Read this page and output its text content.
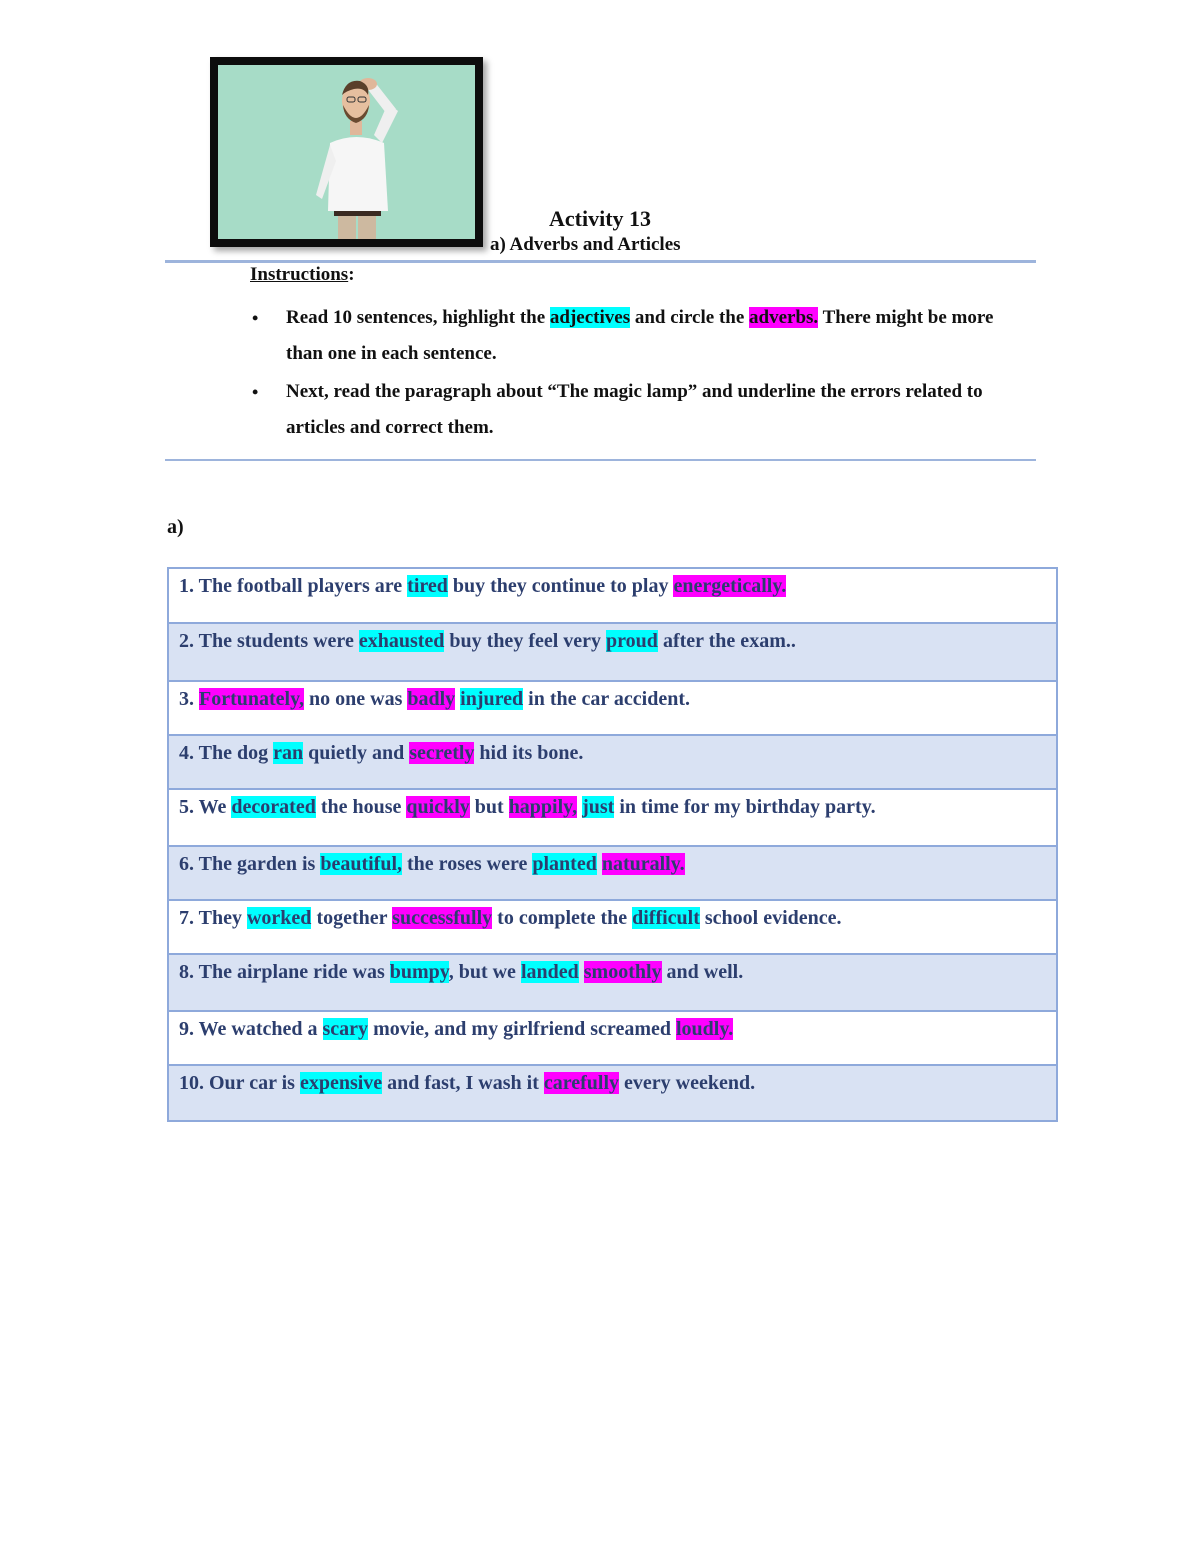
Activity 13
a) Adverbs and Articles
Instructions:
• Read 10 sentences, highlight the adjectives and circle the adverbs. There might be more than one in each sentence.
• Next, read the paragraph about “The magic lamp” and underline the errors related to articles and correct them.
a)
1. The football players are tired buy they continue to play energetically.
2. The students were exhausted buy they feel very proud after the exam..
3. Fortunately, no one was badly injured in the car accident.
4. The dog ran quietly and secretly hid its bone.
5. We decorated the house quickly but happily, just in time for my birthday party.
6. The garden is beautiful, the roses were planted naturally.
7. They worked together successfully to complete the difficult school evidence.
8. The airplane ride was bumpy, but we landed smoothly and well.
9. We watched a scary movie, and my girlfriend screamed loudly.
10. Our car is expensive and fast, I wash it carefully every weekend.
